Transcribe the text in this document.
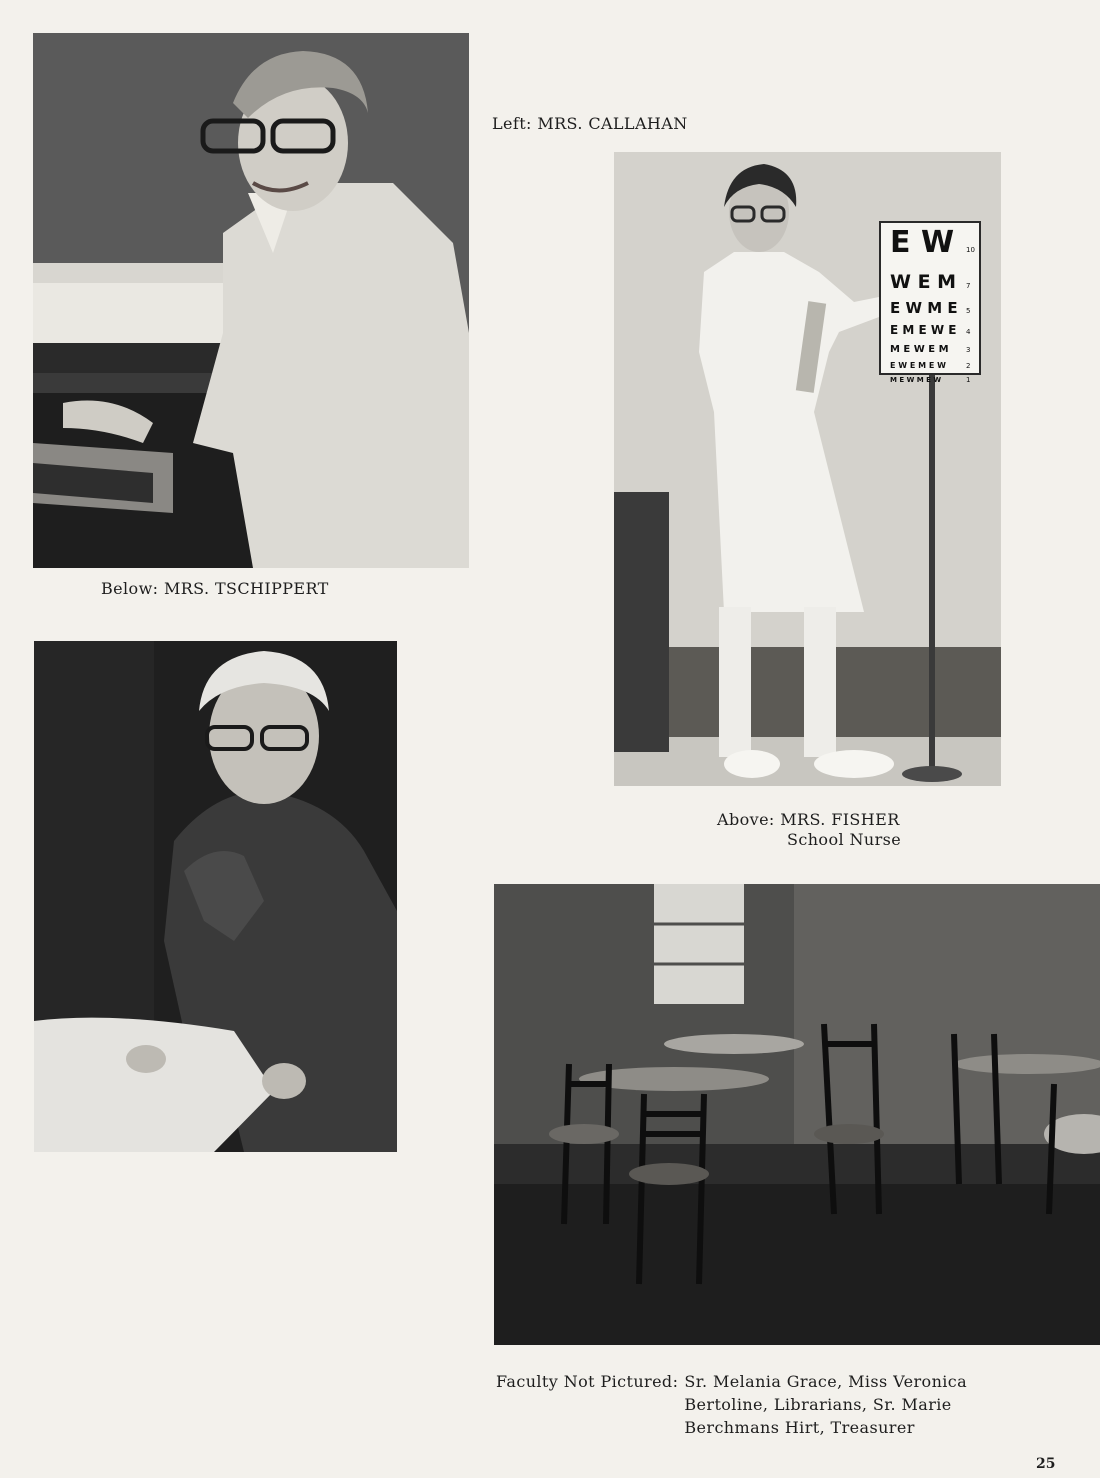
Left: MRS. CALLAHAN
E W 10
W E M 7
E W M E 5
E M E W E 4
M E W E M 3
E W E M E W	2
M E W M E W	1
Below: MRS. TSCHIPPERT
Above: MRS. FISHER
School Nurse
Faculty Not Pictured: Sr. Melania Grace, Miss Veronica Bertoline, Librarians, Sr. Marie Berchmans Hirt, Treasurer
25
